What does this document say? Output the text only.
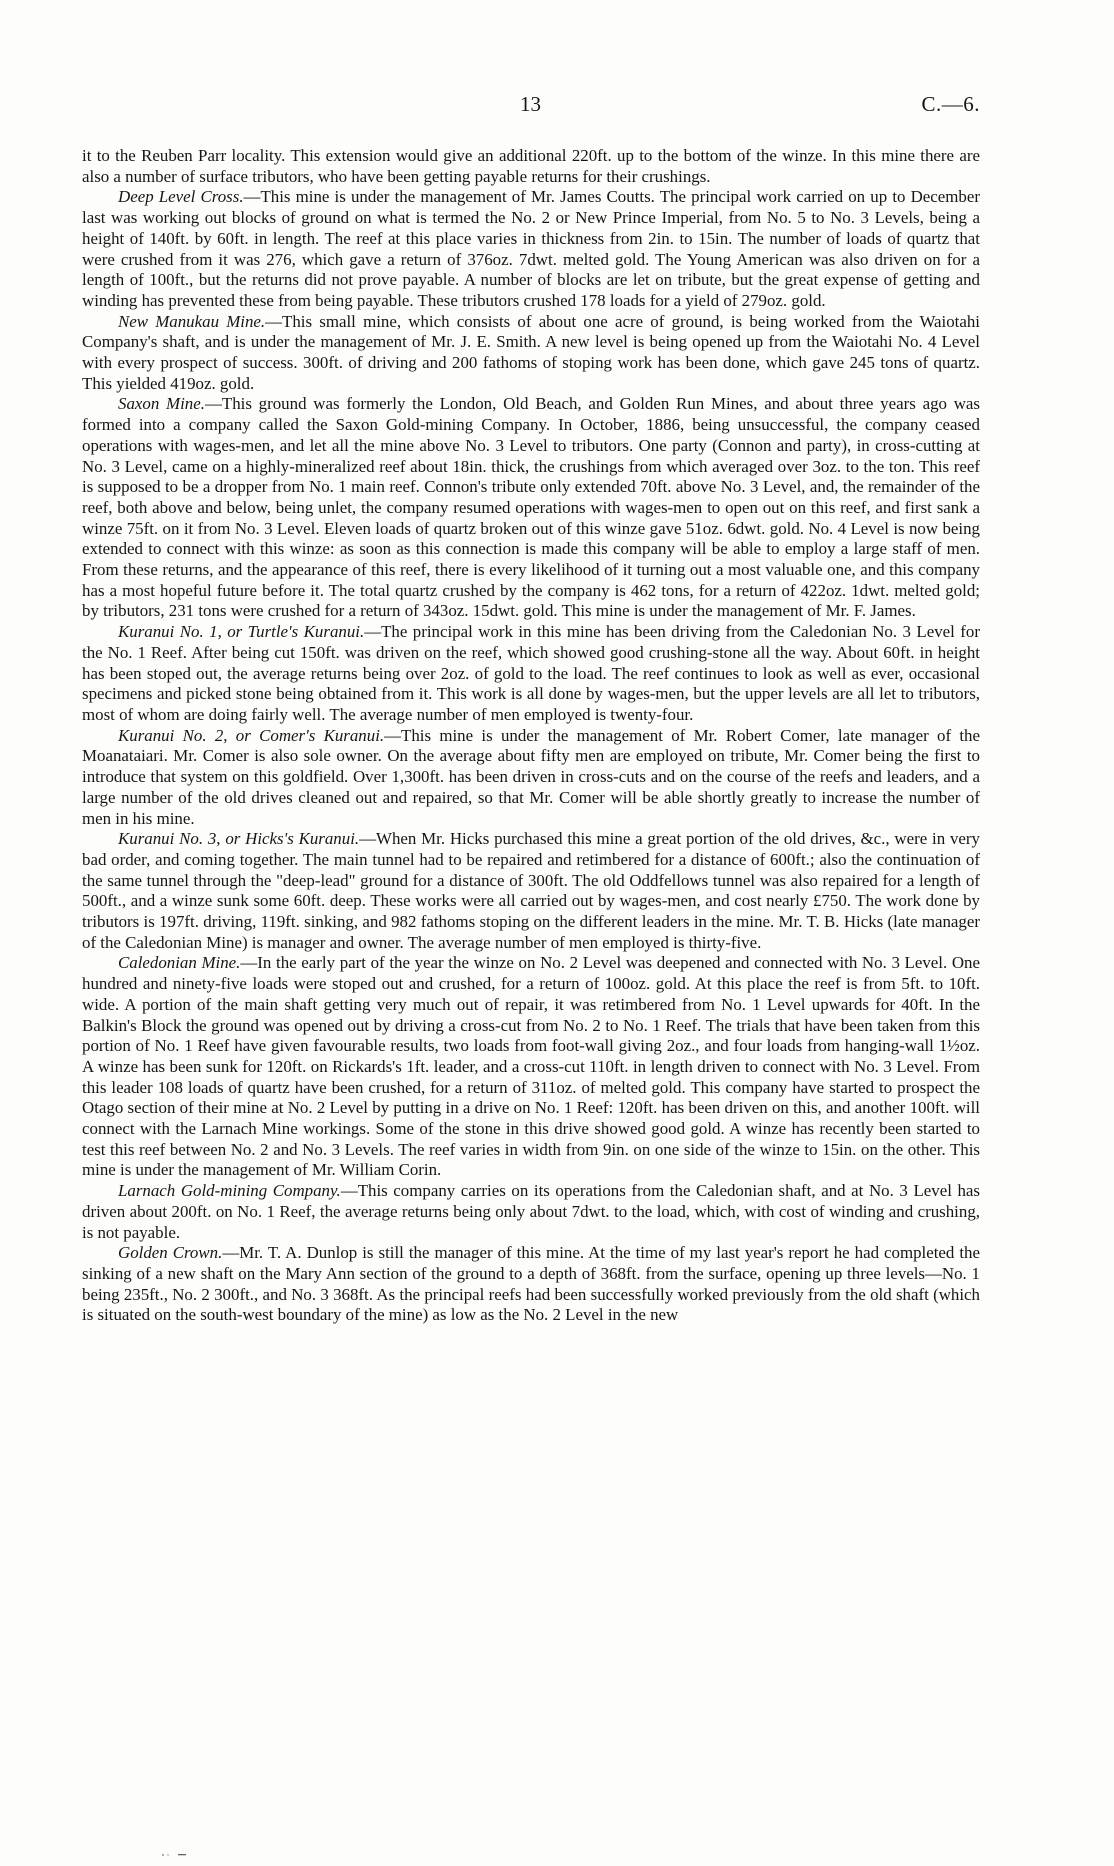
13	C.—6.

it to the Reuben Parr locality. This extension would give an additional 220ft. up to the bottom of the winze. In this mine there are also a number of surface tributors, who have been getting payable returns for their crushings.

Deep Level Cross.—This mine is under the management of Mr. James Coutts. The principal work carried on up to December last was working out blocks of ground on what is termed the No. 2 or New Prince Imperial, from No. 5 to No. 3 Levels, being a height of 140ft. by 60ft. in length. The reef at this place varies in thickness from 2in. to 15in. The number of loads of quartz that were crushed from it was 276, which gave a return of 376oz. 7dwt. melted gold. The Young American was also driven on for a length of 100ft., but the returns did not prove payable. A number of blocks are let on tribute, but the great expense of getting and winding has prevented these from being payable. These tributors crushed 178 loads for a yield of 279oz. gold.

New Manukau Mine.—This small mine, which consists of about one acre of ground, is being worked from the Waiotahi Company's shaft, and is under the management of Mr. J. E. Smith. A new level is being opened up from the Waiotahi No. 4 Level with every prospect of success. 300ft. of driving and 200 fathoms of stoping work has been done, which gave 245 tons of quartz. This yielded 419oz. gold.

Saxon Mine.—This ground was formerly the London, Old Beach, and Golden Run Mines, and about three years ago was formed into a company called the Saxon Gold-mining Company. In October, 1886, being unsuccessful, the company ceased operations with wages-men, and let all the mine above No. 3 Level to tributors. One party (Connon and party), in cross-cutting at No. 3 Level, came on a highly-mineralized reef about 18in. thick, the crushings from which averaged over 3oz. to the ton. This reef is supposed to be a dropper from No. 1 main reef. Connon's tribute only extended 70ft. above No. 3 Level, and, the remainder of the reef, both above and below, being unlet, the company resumed operations with wages-men to open out on this reef, and first sank a winze 75ft. on it from No. 3 Level. Eleven loads of quartz broken out of this winze gave 51oz. 6dwt. gold. No. 4 Level is now being extended to connect with this winze: as soon as this connection is made this company will be able to employ a large staff of men. From these returns, and the appearance of this reef, there is every likelihood of it turning out a most valuable one, and this company has a most hopeful future before it. The total quartz crushed by the company is 462 tons, for a return of 422oz. 1dwt. melted gold; by tributors, 231 tons were crushed for a return of 343oz. 15dwt. gold. This mine is under the management of Mr. F. James.

Kuranui No. 1, or Turtle's Kuranui.—The principal work in this mine has been driving from the Caledonian No. 3 Level for the No. 1 Reef. After being cut 150ft. was driven on the reef, which showed good crushing-stone all the way. About 60ft. in height has been stoped out, the average returns being over 2oz. of gold to the load. The reef continues to look as well as ever, occasional specimens and picked stone being obtained from it. This work is all done by wages-men, but the upper levels are all let to tributors, most of whom are doing fairly well. The average number of men employed is twenty-four.

Kuranui No. 2, or Comer's Kuranui.—This mine is under the management of Mr. Robert Comer, late manager of the Moanataiari. Mr. Comer is also sole owner. On the average about fifty men are employed on tribute, Mr. Comer being the first to introduce that system on this goldfield. Over 1,300ft. has been driven in cross-cuts and on the course of the reefs and leaders, and a large number of the old drives cleaned out and repaired, so that Mr. Comer will be able shortly greatly to increase the number of men in his mine.

Kuranui No. 3, or Hicks's Kuranui.—When Mr. Hicks purchased this mine a great portion of the old drives, &c., were in very bad order, and coming together. The main tunnel had to be repaired and retimbered for a distance of 600ft.; also the continuation of the same tunnel through the "deep-lead" ground for a distance of 300ft. The old Oddfellows tunnel was also repaired for a length of 500ft., and a winze sunk some 60ft. deep. These works were all carried out by wages-men, and cost nearly £750. The work done by tributors is 197ft. driving, 119ft. sinking, and 982 fathoms stoping on the different leaders in the mine. Mr. T. B. Hicks (late manager of the Caledonian Mine) is manager and owner. The average number of men employed is thirty-five.

Caledonian Mine.—In the early part of the year the winze on No. 2 Level was deepened and connected with No. 3 Level. One hundred and ninety-five loads were stoped out and crushed, for a return of 100oz. gold. At this place the reef is from 5ft. to 10ft. wide. A portion of the main shaft getting very much out of repair, it was retimbered from No. 1 Level upwards for 40ft. In the Balkin's Block the ground was opened out by driving a cross-cut from No. 2 to No. 1 Reef. The trials that have been taken from this portion of No. 1 Reef have given favourable results, two loads from foot-wall giving 2oz., and four loads from hanging-wall 1½oz. A winze has been sunk for 120ft. on Rickards's 1ft. leader, and a cross-cut 110ft. in length driven to connect with No. 3 Level. From this leader 108 loads of quartz have been crushed, for a return of 311oz. of melted gold. This company have started to prospect the Otago section of their mine at No. 2 Level by putting in a drive on No. 1 Reef: 120ft. has been driven on this, and another 100ft. will connect with the Larnach Mine workings. Some of the stone in this drive showed good gold. A winze has recently been started to test this reef between No. 2 and No. 3 Levels. The reef varies in width from 9in. on one side of the winze to 15in. on the other. This mine is under the management of Mr. William Corin.

Larnach Gold-mining Company.—This company carries on its operations from the Caledonian shaft, and at No. 3 Level has driven about 200ft. on No. 1 Reef, the average returns being only about 7dwt. to the load, which, with cost of winding and crushing, is not payable.

Golden Crown.—Mr. T. A. Dunlop is still the manager of this mine. At the time of my last year's report he had completed the sinking of a new shaft on the Mary Ann section of the ground to a depth of 368ft. from the surface, opening up three levels—No. 1 being 235ft., No. 2 300ft., and No. 3 368ft. As the principal reefs had been successfully worked previously from the old shaft (which is situated on the south-west boundary of the mine) as low as the No. 2 Level in the new
